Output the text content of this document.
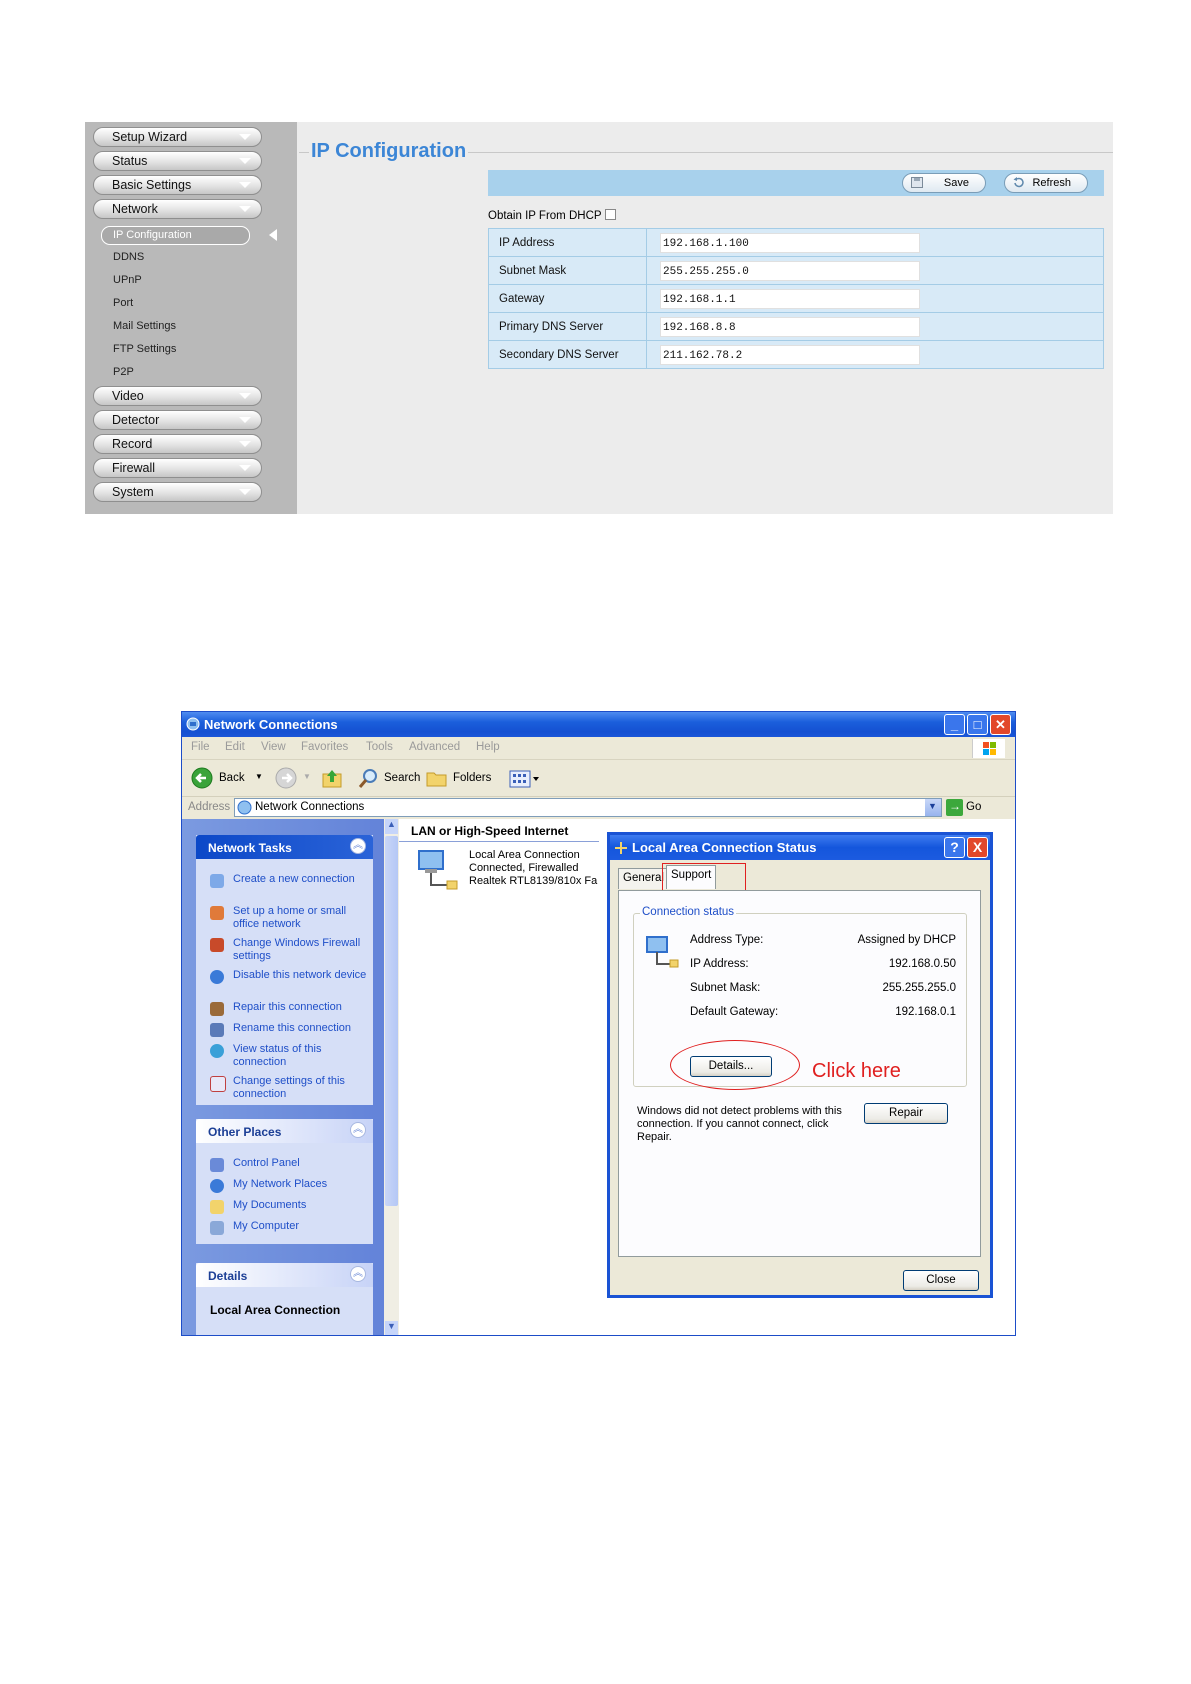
Setup Wizard
Status
Basic Settings
Network
IP Configuration
DDNS
UPnP
Port
Mail Settings
FTP Settings
P2P
Video
Detector
Record
Firewall
System
IP Configuration
Save	Refresh
Obtain IP From DHCP
IP Address	192.168.1.100
Subnet Mask	255.255.255.0
Gateway	192.168.1.1
Primary DNS Server	192.168.8.8
Secondary DNS Server	211.162.78.2
Network Connections	_	□	✕
File Edit View Favorites Tools Advanced Help
Back ▼	▼	Search	Folders
Address Network Connections	▼ → Go
Network Tasks	︽
Create a new connection
Set up a home or small office network
Change Windows Firewall settings
Disable this network device
Repair this connection
Rename this connection
View status of this connection
Change settings of this connection
Other Places	︽
Control Panel
My Network Places
My Documents
My Computer
Details	︽
Local Area Connection
▲
▼
LAN or High-Speed Internet
Local Area Connection
Connected, Firewalled
Realtek RTL8139/810x Fa
Local Area Connection Status	?	X
General Support
Connection status
Address Type:	Assigned by DHCP
IP Address:	192.168.0.50
Subnet Mask:	255.255.255.0
Default Gateway:	192.168.0.1
Details...	Click here
Windows did not detect problems with this connection. If you cannot connect, click Repair.
Repair
Close
